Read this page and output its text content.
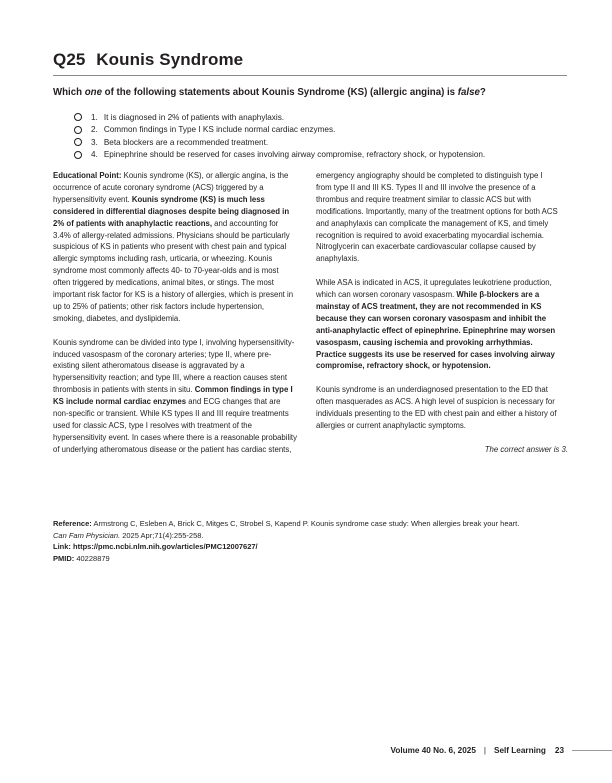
Q25 Kounis Syndrome
Which one of the following statements about Kounis Syndrome (KS) (allergic angina) is false?
1. It is diagnosed in 2% of patients with anaphylaxis.
2. Common findings in Type I KS include normal cardiac enzymes.
3. Beta blockers are a recommended treatment.
4. Epinephrine should be reserved for cases involving airway compromise, refractory shock, or hypotension.

Educational Point: Kounis syndrome (KS), or allergic angina, is the occurrence of acute coronary syndrome (ACS) triggered by a hypersensitivity event. Kounis syndrome (KS) is much less considered in differential diagnoses despite being diagnosed in 2% of patients with anaphylactic reactions, and accounting for 3.4% of allergy-related admissions. Physicians should be particularly suspicious of KS in patients who present with chest pain and typical allergic symptoms including rash, urticaria, or wheezing. Kounis syndrome most commonly affects 40- to 70-year-olds and is most often triggered by medications, animal bites, or stings. The most important risk factor for KS is a history of allergies, which is present in up to 25% of patients; other risk factors include hypertension, smoking, diabetes, and dyslipidemia.

Kounis syndrome can be divided into type I, involving hypersensitivity-induced vasospasm of the coronary arteries; type II, where pre-existing silent atheromatous disease is aggravated by a hypersensitivity reaction; and type III, where a reaction causes stent thrombosis in patients with stents in situ. Common findings in type I KS include normal cardiac enzymes and ECG changes that are non-specific or transient. While KS types II and III require treatments used for classic ACS, type I resolves with treatment of the hypersensitivity event. In cases where there is a reasonable probability of underlying atheromatous disease or the patient has cardiac stents,

emergency angiography should be completed to distinguish type I from type II and III KS. Types II and III involve the presence of a thrombus and require treatment similar to classic ACS but with modifications. Importantly, many of the treatment options for both ACS and anaphylaxis can complicate the management of KS, and timely recognition is required to avoid exacerbating myocardial ischemia. Nitroglycerin can exacerbate cardiovascular collapse caused by anaphylaxis.

While ASA is indicated in ACS, it upregulates leukotriene production, which can worsen coronary vasospasm. While β-blockers are a mainstay of ACS treatment, they are not recommended in KS because they can worsen coronary vasospasm and inhibit the anti-anaphylactic effect of epinephrine. Epinephrine may worsen vasospasm, causing ischemia and provoking arrhythmias. Practice suggests its use be reserved for cases involving airway compromise, refractory shock, or hypotension.

Kounis syndrome is an underdiagnosed presentation to the ED that often masquerades as ACS. A high level of suspicion is necessary for individuals presenting to the ED with chest pain and either a history of allergies or current anaphylactic symptoms.

The correct answer is 3.
Reference: Armstrong C, Esleben A, Brick C, Mitges C, Strobel S, Kapend P. Kounis syndrome case study: When allergies break your heart.
Can Fam Physician. 2025 Apr;71(4):255-258.
Link: https://pmc.ncbi.nlm.nih.gov/articles/PMC12007627/
PMID: 40228879
Volume 40 No. 6, 2025 | Self Learning 23
